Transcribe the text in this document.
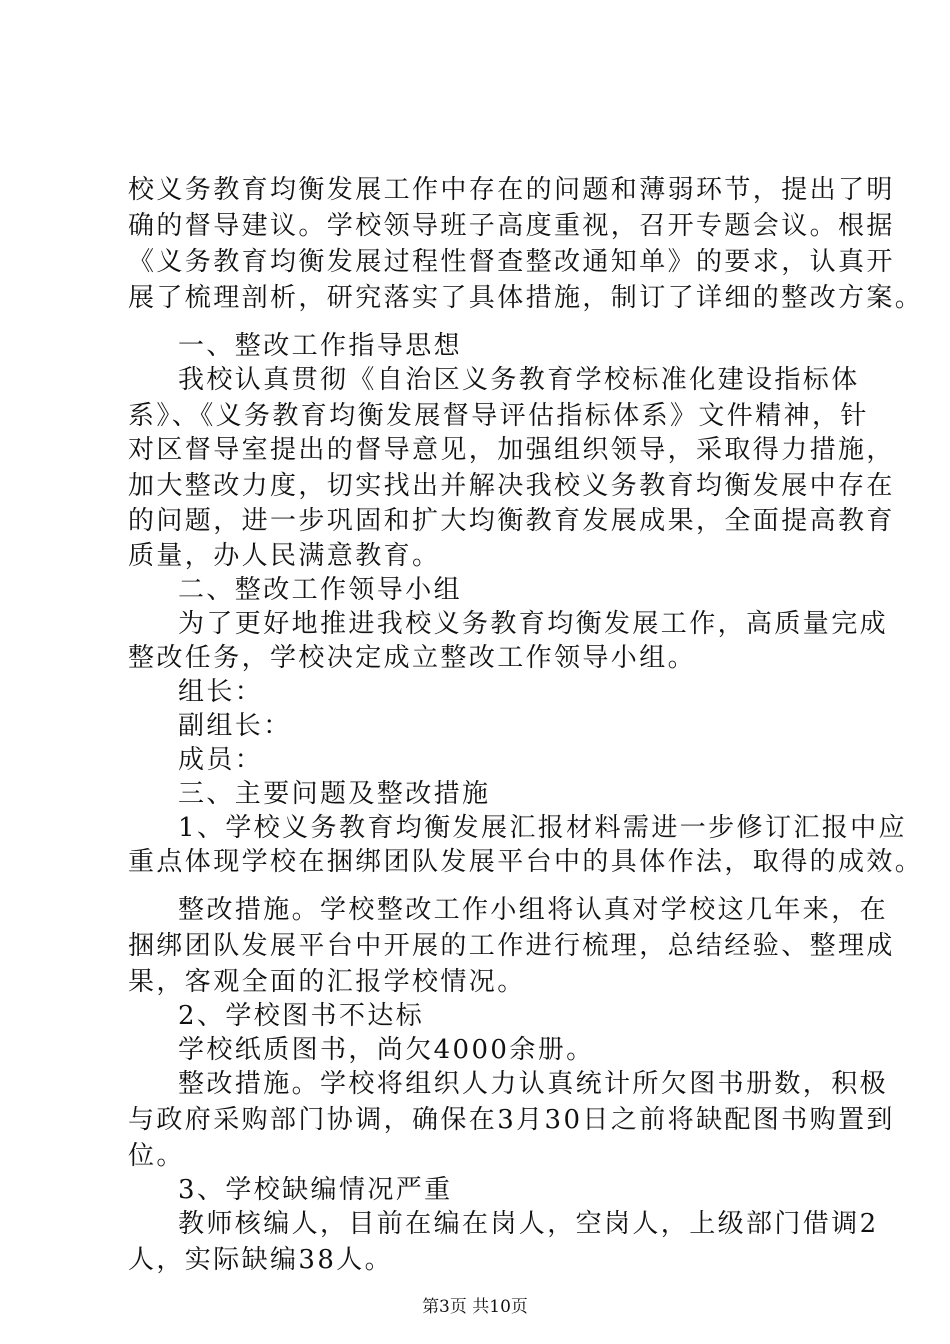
校义务教育均衡发展工作中存在的问题和薄弱环节，提出了明
确的督导建议。学校领导班子高度重视，召开专题会议。根据
《义务教育均衡发展过程性督查整改通知单》的要求，认真开
展了梳理剖析，研究落实了具体措施，制订了详细的整改方案。
一、整改工作指导思想
我校认真贯彻《自治区义务教育学校标准化建设指标体
系》、《义务教育均衡发展督导评估指标体系》文件精神，针
对区督导室提出的督导意见，加强组织领导，采取得力措施，
加大整改力度，切实找出并解决我校义务教育均衡发展中存在
的问题，进一步巩固和扩大均衡教育发展成果，全面提高教育
质量，办人民满意教育。
二、整改工作领导小组
为了更好地推进我校义务教育均衡发展工作，高质量完成
整改任务，学校决定成立整改工作领导小组。
组长：
副组长：
成员：
三、主要问题及整改措施
1、学校义务教育均衡发展汇报材料需进一步修订汇报中应
重点体现学校在捆绑团队发展平台中的具体作法，取得的成效。
整改措施。学校整改工作小组将认真对学校这几年来，在
捆绑团队发展平台中开展的工作进行梳理，总结经验、整理成
果，客观全面的汇报学校情况。
2、学校图书不达标
学校纸质图书，尚欠4000余册。
整改措施。学校将组织人力认真统计所欠图书册数，积极
与政府采购部门协调，确保在3月30日之前将缺配图书购置到
位。
3、学校缺编情况严重
教师核编人，目前在编在岗人，空岗人，上级部门借调2
人，实际缺编38人。
第3页 共10页
